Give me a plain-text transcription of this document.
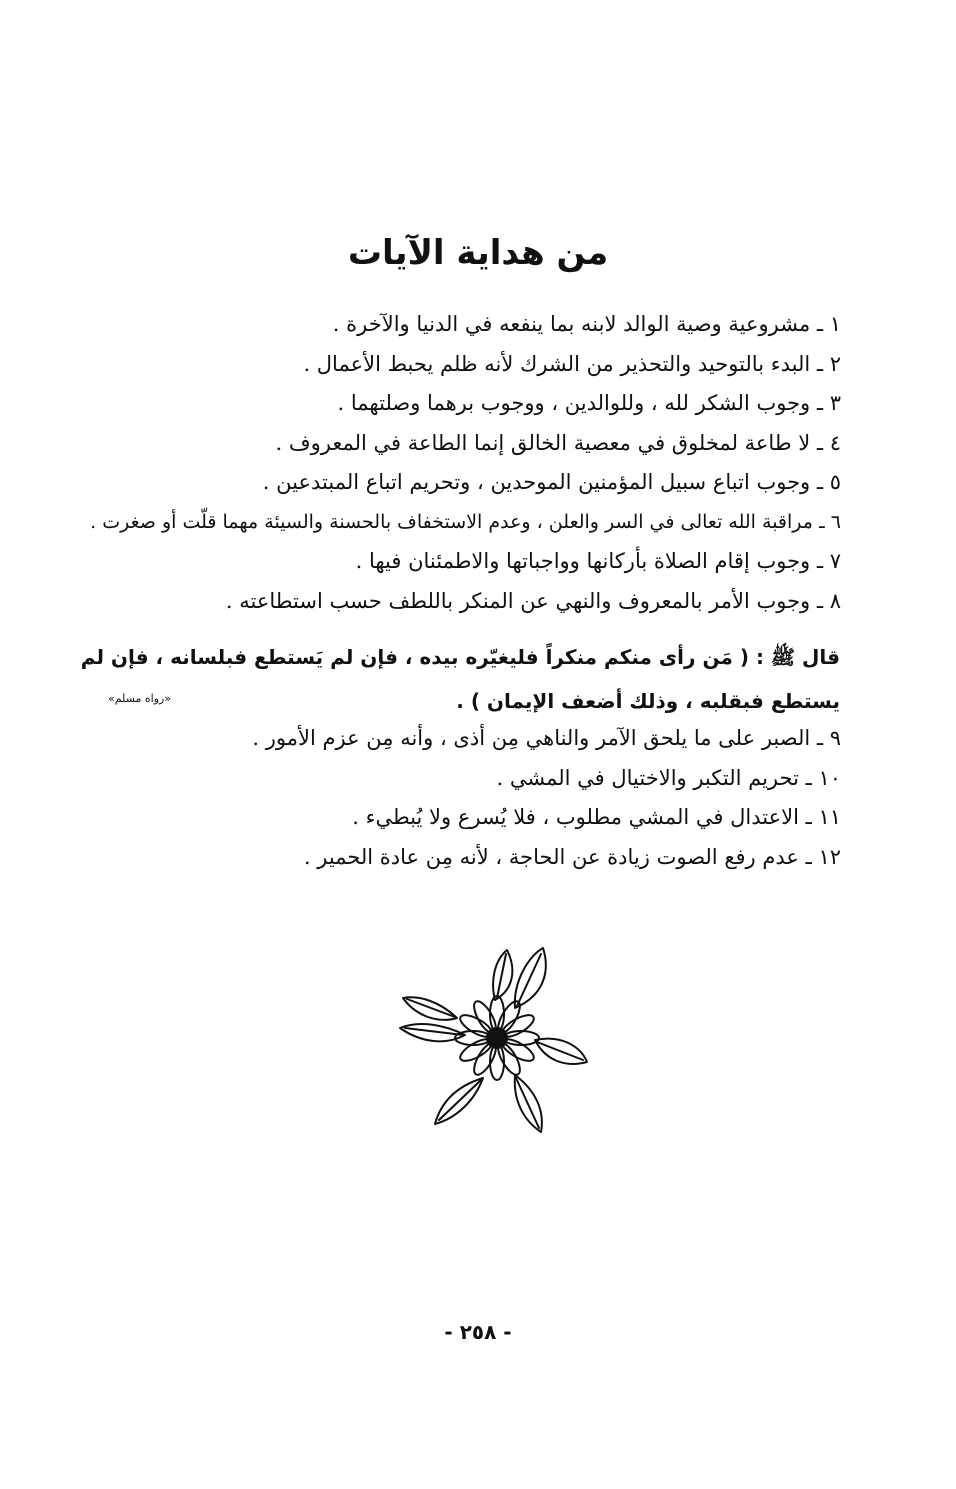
من هداية الآيات
١ ـ مشروعية وصية الوالد لابنه بما ينفعه في الدنيا والآخرة .
٢ ـ البدء بالتوحيد والتحذير من الشرك لأنه ظلم يحبط الأعمال .
٣ ـ وجوب الشكر لله ، وللوالدين ، ووجوب برهما وصلتهما .
٤ ـ لا طاعة لمخلوق في معصية الخالق إنما الطاعة في المعروف .
٥ ـ وجوب اتباع سبيل المؤمنين الموحدين ، وتحريم اتباع المبتدعين .
٦ ـ مراقبة الله تعالى في السر والعلن ، وعدم الاستخفاف بالحسنة والسيئة مهما قلّت أو صغرت .
٧ ـ وجوب إقام الصلاة بأركانها وواجباتها والاطمئنان فيها .
٨ ـ وجوب الأمر بالمعروف والنهي عن المنكر باللطف حسب استطاعته .
قال ﷺ : ( مَن رأى منكم منكراً فليغيّره بيده ، فإن لم يَستطع فبلسانه ، فإن لم
يستطع فبقلبه ، وذلك أضعف الإيمان ) .
«رواه مسلم»
٩ ـ الصبر على ما يلحق الآمر والناهي مِن أذى ، وأنه مِن عزم الأمور .
١٠ ـ تحريم التكبر والاختيال في المشي .
١١ ـ الاعتدال في المشي مطلوب ، فلا يُسرع ولا يُبطيء .
١٢ ـ عدم رفع الصوت زيادة عن الحاجة ، لأنه مِن عادة الحمير .
- ٢٥٨ -
